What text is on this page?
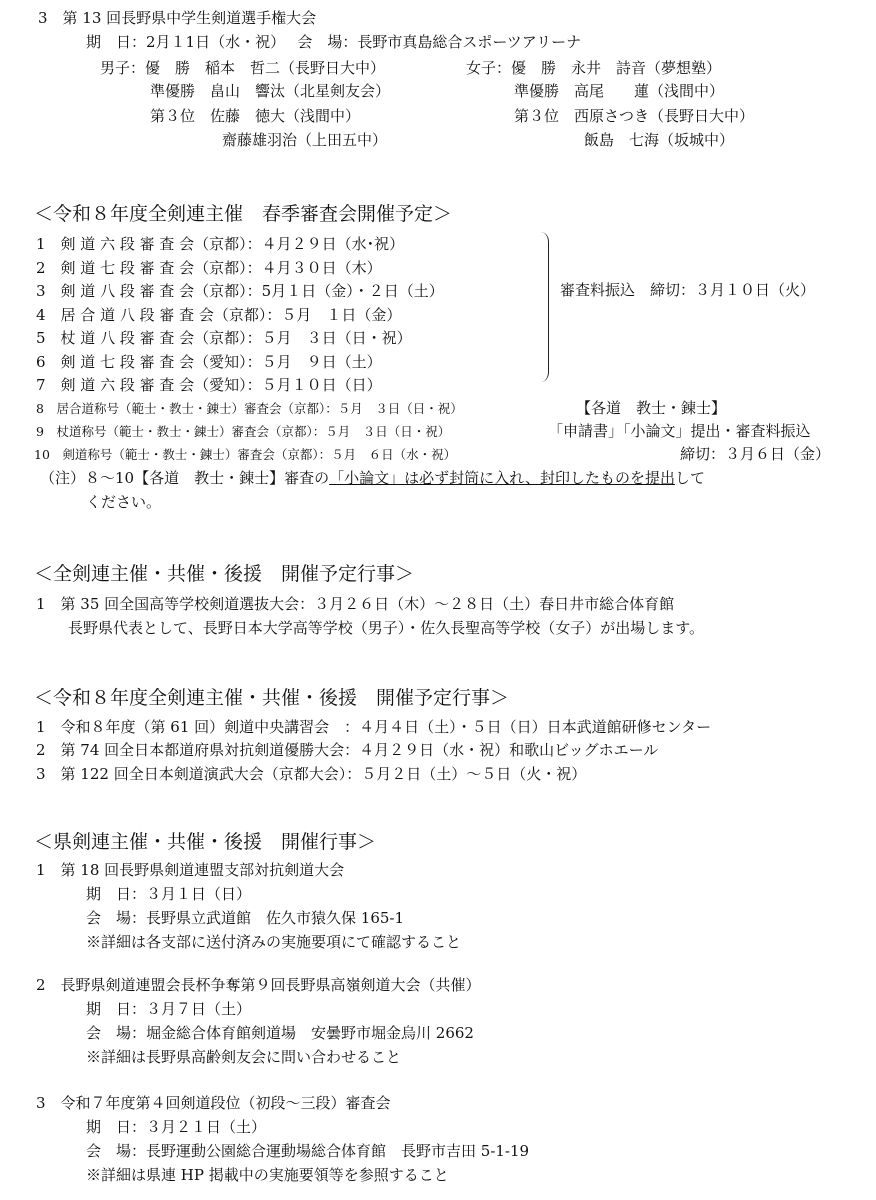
3　第 13 回長野県中学生剣道選手権大会
期　日：2月１1日（水・祝）　 会　場：長野市真島総合スポーツアリーナ
男子：優　勝　稲本　哲二（長野日大中）
準優勝　畠山　響汰（北星剣友会）
第３位　佐藤　徳大（浅間中）
齋藤雄羽治（上田五中）
女子：優　勝　永井　詩音（夢想塾）
準優勝　高尾　　蓮（浅間中）
第３位　西原さつき（長野日大中）
飯島　七海（坂城中）
＜令和８年度全剣連主催　春季審査会開催予定＞
1　剣 道 六 段 審 査 会（京都）：４月２９日（水･祝）
2　剣 道 七 段 審 査 会（京都）：４月３０日（木）
3　剣 道 八 段 審 査 会（京都）：5月１日（金）・２日（土）
4　居 合 道 八 段 審 査 会（京都）：５月　１日（金）
5　杖 道 八 段 審 査 会（京都）：５月　３日（日・祝）
6　剣 道 七 段 審 査 会（愛知）：５月　９日（土）
7　剣 道 六 段 審 査 会（愛知）：５月１０日（日）
審査料振込　締切：３月１０日（火）
8　居合道称号（範士・教士・錬士）審査会（京都）：５月　３日（日・祝）
9　杖道称号（範士・教士・錬士）審査会（京都）：５月　３日（日・祝）
10　剣道称号（範士・教士・錬士）審査会（京都）：５月　６日（水・祝）
【各道　教士・錬士】
「申請書」「小論文」提出・審査料振込
締切：３月６日（金）
（注）８～10【各道　教士・錬士】審査の「小論文」は必ず封筒に入れ、封印したものを提出して
ください。
＜全剣連主催・共催・後援　開催予定行事＞
1　第 35 回全国高等学校剣道選抜大会：３月２６日（木）～２８日（土）春日井市総合体育館
長野県代表として、長野日本大学高等学校（男子）・佐久長聖高等学校（女子）が出場します。
＜令和８年度全剣連主催・共催・後援　開催予定行事＞
1　令和８年度（第 61 回）剣道中央講習会　：４月４日（土）・５日（日）日本武道館研修センター
2　第 74 回全日本都道府県対抗剣道優勝大会：４月２９日（水・祝）和歌山ビッグホエール
3　第 122 回全日本剣道演武大会（京都大会）：５月２日（土）～５日（火・祝）
＜県剣連主催・共催・後援　開催行事＞
1　第 18 回長野県剣道連盟支部対抗剣道大会
期　日：３月１日（日）
会　場：長野県立武道館　佐久市猿久保 165-1
※詳細は各支部に送付済みの実施要項にて確認すること
2　長野県剣道連盟会長杯争奪第９回長野県高嶺剣道大会（共催）
期　日：３月７日（土）
会　場：堀金総合体育館剣道場　安曇野市堀金烏川 2662
※詳細は長野県高齢剣友会に問い合わせること
3　令和７年度第４回剣道段位（初段～三段）審査会
期　日：３月２１日（土）
会　場：長野運動公園総合運動場総合体育館　長野市吉田 5-1-19
※詳細は県連 HP 掲載中の実施要領等を参照すること
